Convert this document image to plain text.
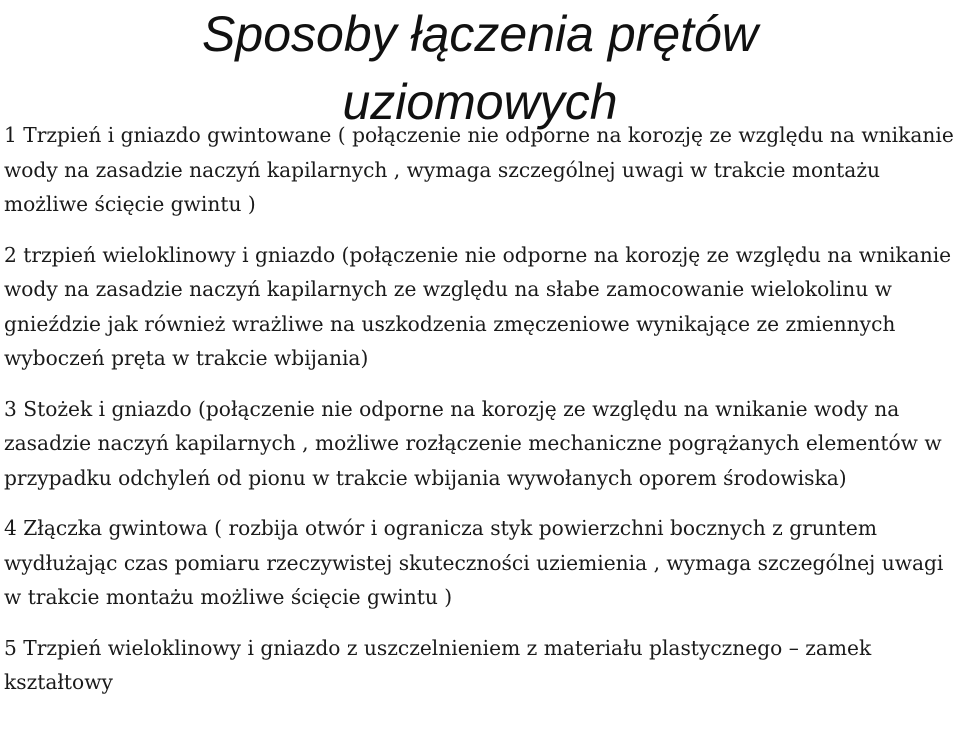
Sposoby łączenia prętów uziomowych

1 Trzpień i gniazdo gwintowane ( połączenie nie odporne na korozję ze względu na wnikanie wody na zasadzie naczyń kapilarnych , wymaga szczególnej uwagi w trakcie montażu możliwe ścięcie gwintu )

2 trzpień wieloklinowy i gniazdo (połączenie nie odporne na korozję ze względu na wnikanie wody na zasadzie naczyń kapilarnych ze względu na słabe zamocowanie wielokolinu w gnieździe jak również wrażliwe na uszkodzenia zmęczeniowe wynikające ze zmiennych wyboczeń pręta w trakcie wbijania)

3 Stożek i gniazdo (połączenie nie odporne na korozję ze względu na wnikanie wody na zasadzie naczyń kapilarnych , możliwe rozłączenie mechaniczne pogrążanych elementów w przypadku odchyleń od pionu w trakcie wbijania wywołanych oporem środowiska)

4 Złączka gwintowa ( rozbija otwór i ogranicza styk powierzchni bocznych z gruntem wydłużając czas pomiaru rzeczywistej skuteczności uziemienia , wymaga szczególnej uwagi w trakcie montażu możliwe ścięcie gwintu )

5 Trzpień wieloklinowy i gniazdo z uszczelnieniem z materiału plastycznego – zamek kształtowy
